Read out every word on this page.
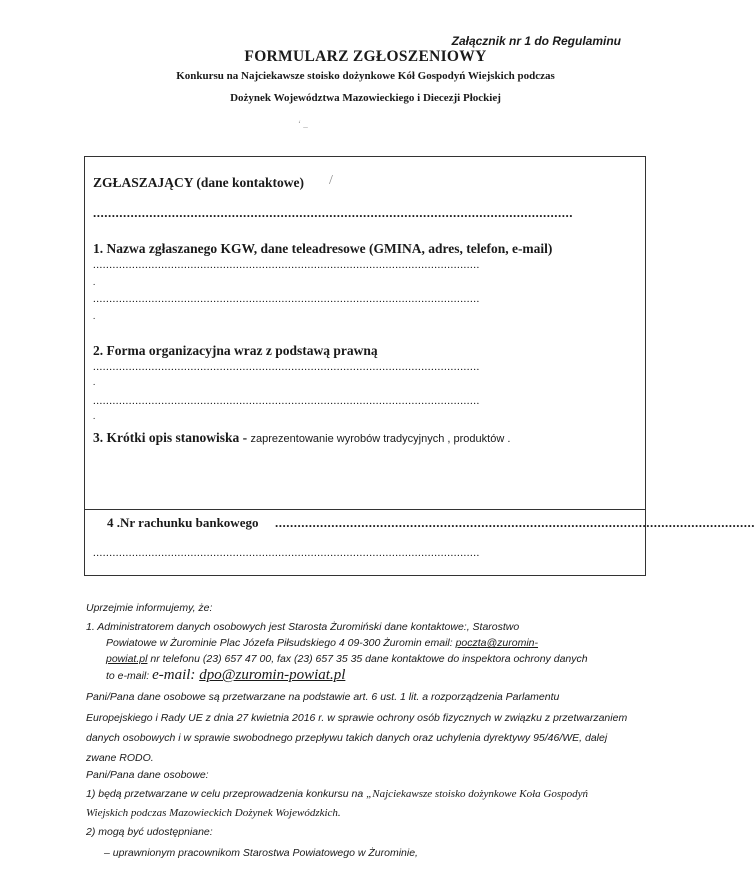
Załącznik nr 1 do Regulaminu
FORMULARZ ZGŁOSZENIOWY
Konkursu na Najciekawsze stoisko dożynkowe Kół Gospodyń Wiejskich podczas
Dożynek Województwa Mazowieckiego i Diecezji Płockiej
‘ _
ZGŁASZAJĄCY (dane kontaktowe) /
................................................................................................................................
1. Nazwa zgłaszanego KGW, dane teleadresowe (GMINA, adres, telefon, e-mail)
.......................................................................................................................
.
.......................................................................................................................
.
2. Forma organizacyjna wraz z podstawą prawną
.......................................................................................................................
.
.......................................................................................................................
.
3. Krótki opis stanowiska - zaprezentowanie wyrobów tradycyjnych , produktów .
4 .Nr rachunku bankowego ................................................................................................................................
.......................................................................................................................
Uprzejmie informujemy, że:
1. Administratorem danych osobowych jest Starosta Żuromiński dane kontaktowe:, Starostwo
Powiatowe w Żurominie Plac Józefa Piłsudskiego 4 09-300 Żuromin email: poczta@zuromin-
powiat.pl nr telefonu (23) 657 47 00, fax (23) 657 35 35 dane kontaktowe do inspektora ochrony danych
to e-mail: e-mail: dpo@zuromin-powiat.pl
Pani/Pana dane osobowe są przetwarzane na podstawie art. 6 ust. 1 lit. a rozporządzenia Parlamentu
Europejskiego i Rady UE z dnia 27 kwietnia 2016 r. w sprawie ochrony osób fizycznych w związku z przetwarzaniem
danych osobowych i w sprawie swobodnego przepływu takich danych oraz uchylenia dyrektywy 95/46/WE, dalej
zwane RODO.
Pani/Pana dane osobowe:
1) będą przetwarzane w celu przeprowadzenia konkursu na „Najciekawsze stoisko dożynkowe Koła Gospodyń
Wiejskich podczas Mazowieckich Dożynek Wojewódzkich.
2) mogą być udostępniane:
– uprawnionym pracownikom Starostwa Powiatowego w Żurominie,
